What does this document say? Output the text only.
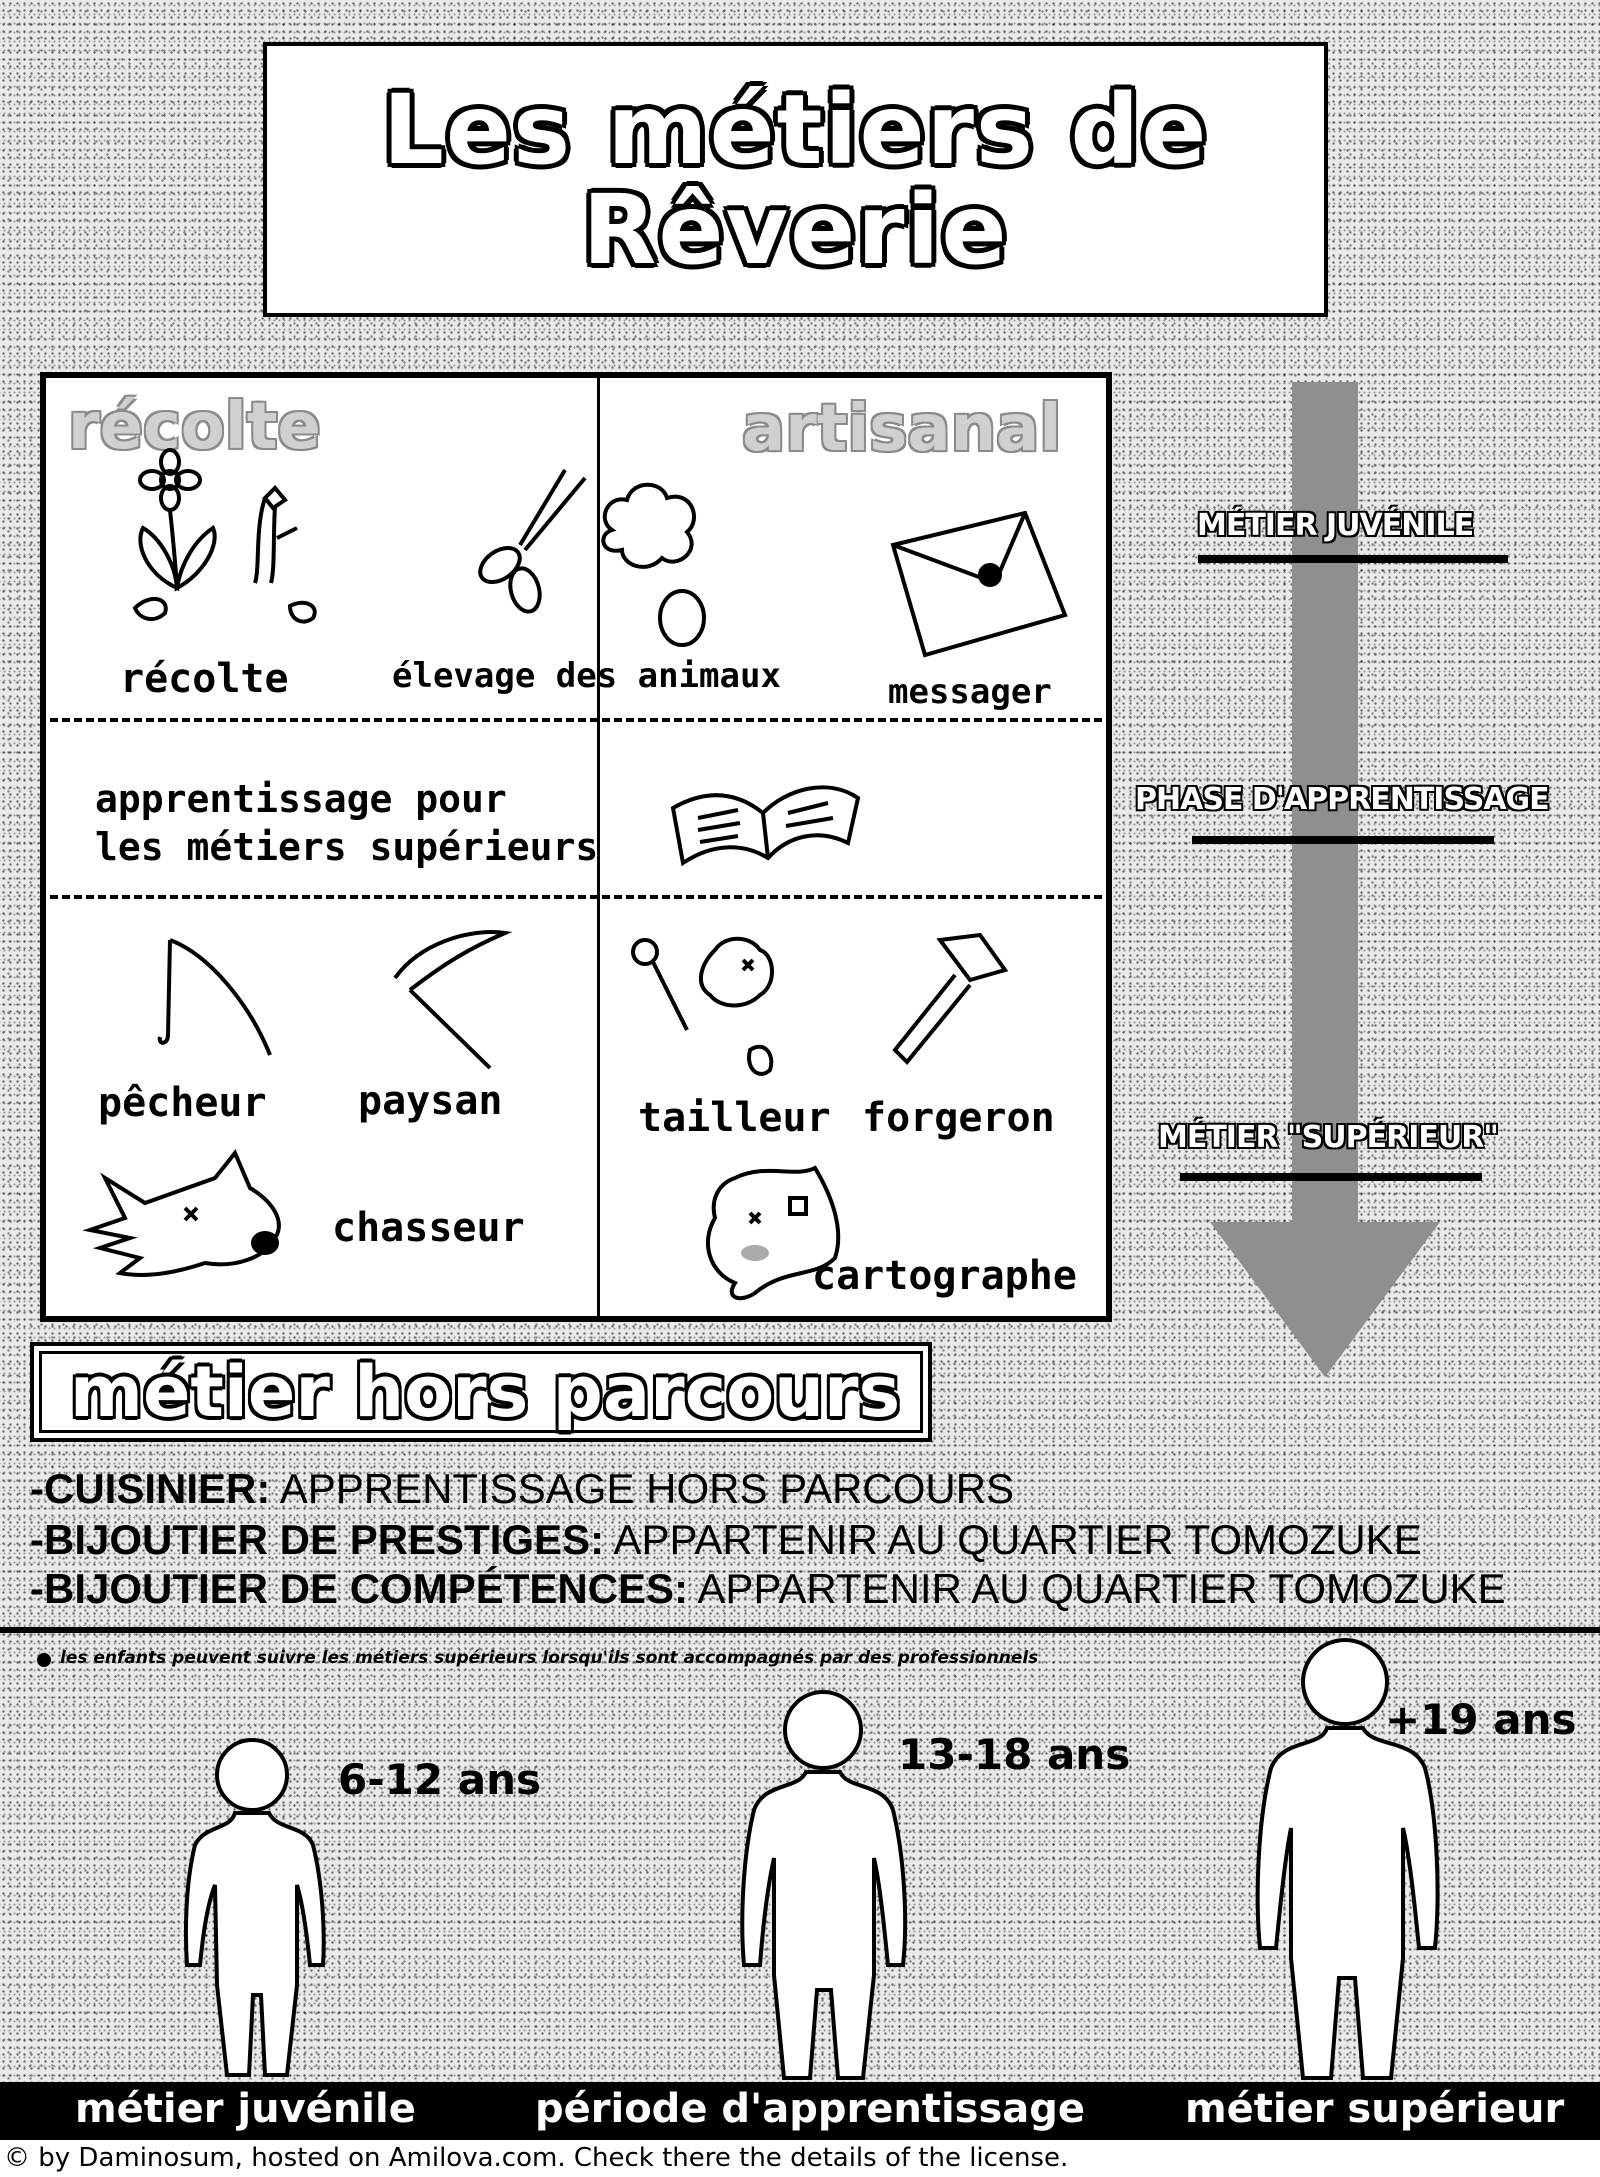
Les métiers de
Rêverie
récolte	artisanal
récolte	élevage des animaux	messager
apprentissage pour
les métiers supérieurs
pêcheur paysan	tailleur forgeron
chasseur
cartographe
MÉTIER JUVÉNILE
PHASE D'APPRENTISSAGE
MÉTIER "SUPÉRIEUR"
métier hors parcours
-CUISINIER: APPRENTISSAGE HORS PARCOURS
-BIJOUTIER DE PRESTIGES: APPARTENIR AU QUARTIER TOMOZUKE
-BIJOUTIER DE COMPÉTENCES: APPARTENIR AU QUARTIER TOMOZUKE
les enfants peuvent suivre les métiers supérieurs lorsqu'ils sont accompagnés par des professionnels
6-12 ans
13-18 ans
+19 ans
métier juvénile	période d'apprentissage métier supérieur
© by Daminosum, hosted on Amilova.com. Check there the details of the license.
